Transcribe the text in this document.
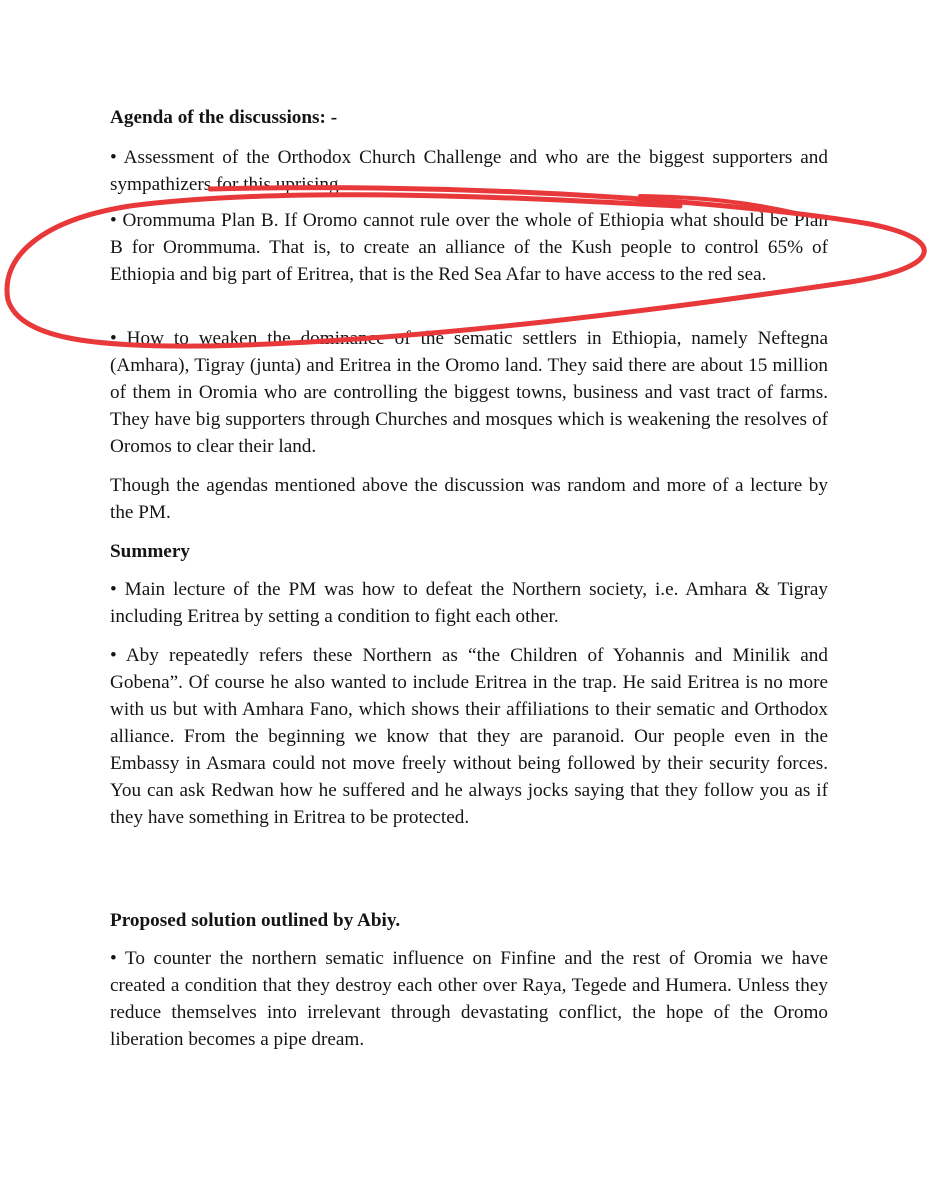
Agenda of the discussions: -
• Assessment of the Orthodox Church Challenge and who are the biggest supporters and sympathizers for this uprising.
• Orommuma Plan B. If Oromo cannot rule over the whole of Ethiopia what should be Plan B for Orommuma. That is, to create an alliance of the Kush people to control 65% of Ethiopia and big part of Eritrea, that is the Red Sea Afar to have access to the red sea.
• How to weaken the dominance of the sematic settlers in Ethiopia, namely Neftegna (Amhara), Tigray (junta) and Eritrea in the Oromo land. They said there are about 15 million of them in Oromia who are controlling the biggest towns, business and vast tract of farms. They have big supporters through Churches and mosques which is weakening the resolves of Oromos to clear their land.
Though the agendas mentioned above the discussion was random and more of a lecture by the PM.
Summery
• Main lecture of the PM was how to defeat the Northern society, i.e. Amhara & Tigray including Eritrea by setting a condition to fight each other.
• Aby repeatedly refers these Northern as “the Children of Yohannis and Minilik and Gobena”. Of course he also wanted to include Eritrea in the trap. He said Eritrea is no more with us but with Amhara Fano, which shows their affiliations to their sematic and Orthodox alliance. From the beginning we know that they are paranoid. Our people even in the Embassy in Asmara could not move freely without being followed by their security forces. You can ask Redwan how he suffered and he always jocks saying that they follow you as if they have something in Eritrea to be protected.
Proposed solution outlined by Abiy.
• To counter the northern sematic influence on Finfine and the rest of Oromia we have created a condition that they destroy each other over Raya, Tegede and Humera. Unless they reduce themselves into irrelevant through devastating conflict, the hope of the Oromo liberation becomes a pipe dream.
